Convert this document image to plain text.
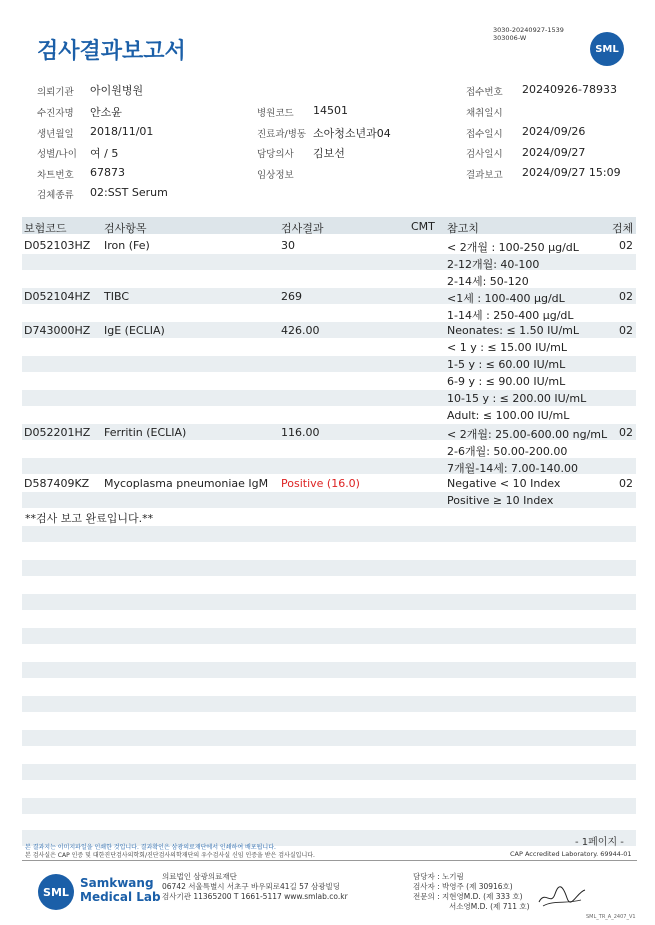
검사결과보고서
3030-20240927-1539
303006-W
SML
의뢰기관 아이원병원	접수번호 20240926-78933
수진자명 안소윤	병원코드 14501	채취일시
생년월일 2018/11/01	진료과/병동 소아청소년과04	접수일시 2024/09/26
성별/나이 여 / 5	담당의사 김보선	검사일시 2024/09/27
차트번호 67873	임상정보	결과보고 2024/09/27 15:09
검체종류 02:SST Serum
보험코드	검사항목	검사결과	CMT 참고치	검체
D052103HZ Iron (Fe)	30	< 2개월 : 100-250 μg/dL	02
2-12개월: 40-100
2-14세: 50-120
D052104HZ TIBC	269	<1세 : 100-400 μg/dL	02
1-14세 : 250-400 μg/dL
D743000HZ IgE (ECLIA)	426.00	Neonates: ≤ 1.50 IU/mL	02
< 1 y : ≤ 15.00 IU/mL
1-5 y : ≤ 60.00 IU/mL
6-9 y : ≤ 90.00 IU/mL
10-15 y : ≤ 200.00 IU/mL
Adult: ≤ 100.00 IU/mL
D052201HZ Ferritin (ECLIA)	116.00	< 2개월: 25.00-600.00 ng/mL 02
2-6개월: 50.00-200.00
7개월-14세: 7.00-140.00
D587409KZ Mycoplasma pneumoniae IgM Positive (16.0)	Negative < 10 Index	02
Positive ≥ 10 Index
**검사 보고 완료입니다.**
- 1페이지 -
본 결과지는 이미지파일을 인쇄한 것입니다. 결과확인은 삼광의료재단에서 인쇄하여 배포됩니다.
본 검사실은 CAP 인증 및 대한진단검사의학회/진단검사의학재단의 우수검사실 신임 인증을 받은 검사실입니다.	CAP Accredited Laboratory. 69944-01
SML
Samkwang
Medical Lab
의료법인 삼광의료재단
06742 서울특별시 서초구 바우뫼로41길 57 삼광빌딩
검사기관 11365200 T 1661-5117 www.smlab.co.kr
담당자 : 노기림
검사자 : 박영주 (제 30916호)
전문의 : 지현영M.D. (제 333 호)
서소영M.D. (제 711 호)
SML_TR_A_2407_V1
